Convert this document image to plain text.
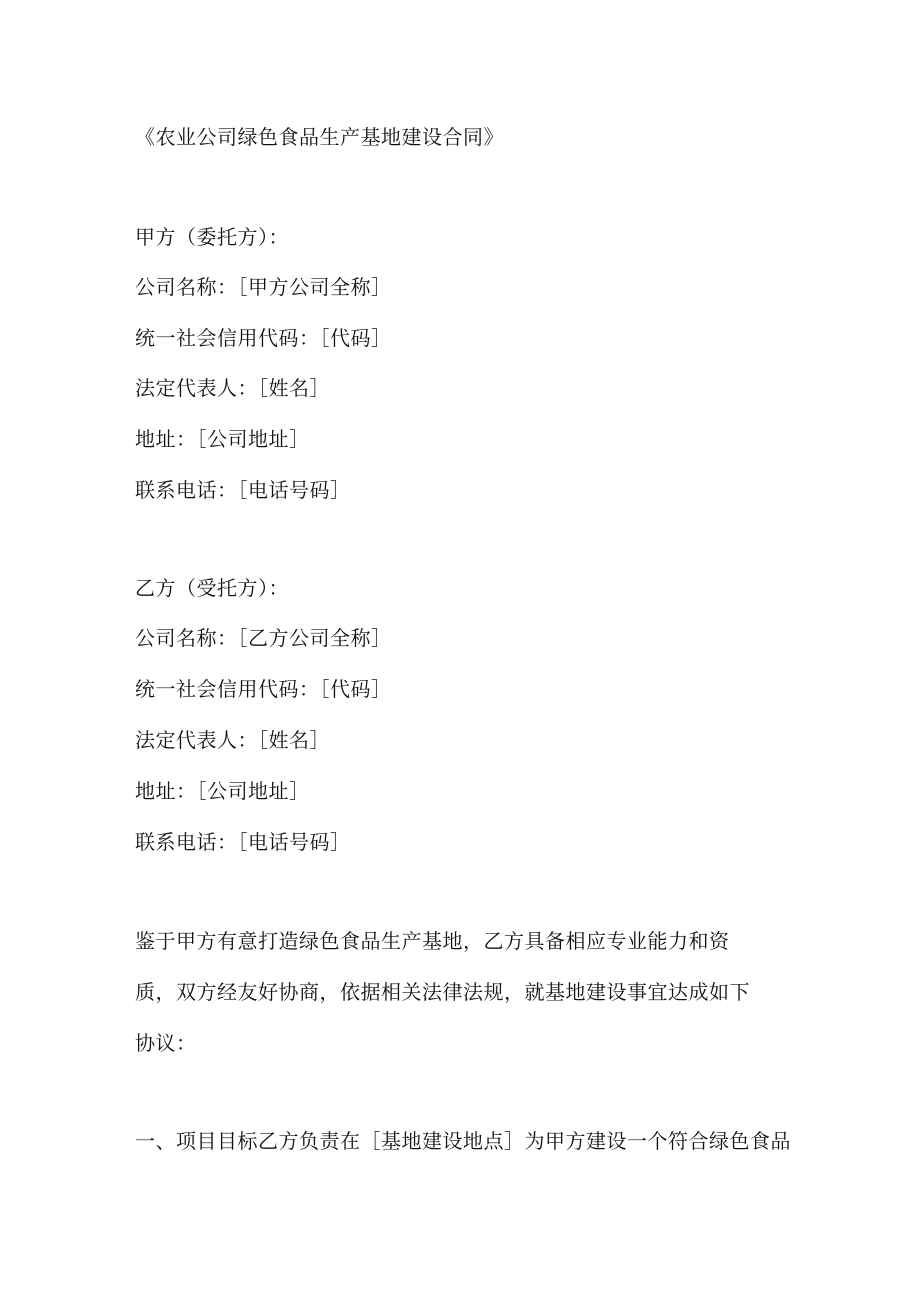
《农业公司绿色食品生产基地建设合同》
甲方（委托方）：
公司名称：［甲方公司全称］
统一社会信用代码：［代码］
法定代表人：［姓名］
地址：［公司地址］
联系电话：［电话号码］
乙方（受托方）：
公司名称：［乙方公司全称］
统一社会信用代码：［代码］
法定代表人：［姓名］
地址：［公司地址］
联系电话：［电话号码］
鉴于甲方有意打造绿色食品生产基地，乙方具备相应专业能力和资
质，双方经友好协商，依据相关法律法规，就基地建设事宜达成如下
协议：
一、项目目标乙方负责在［基地建设地点］为甲方建设一个符合绿色食品
